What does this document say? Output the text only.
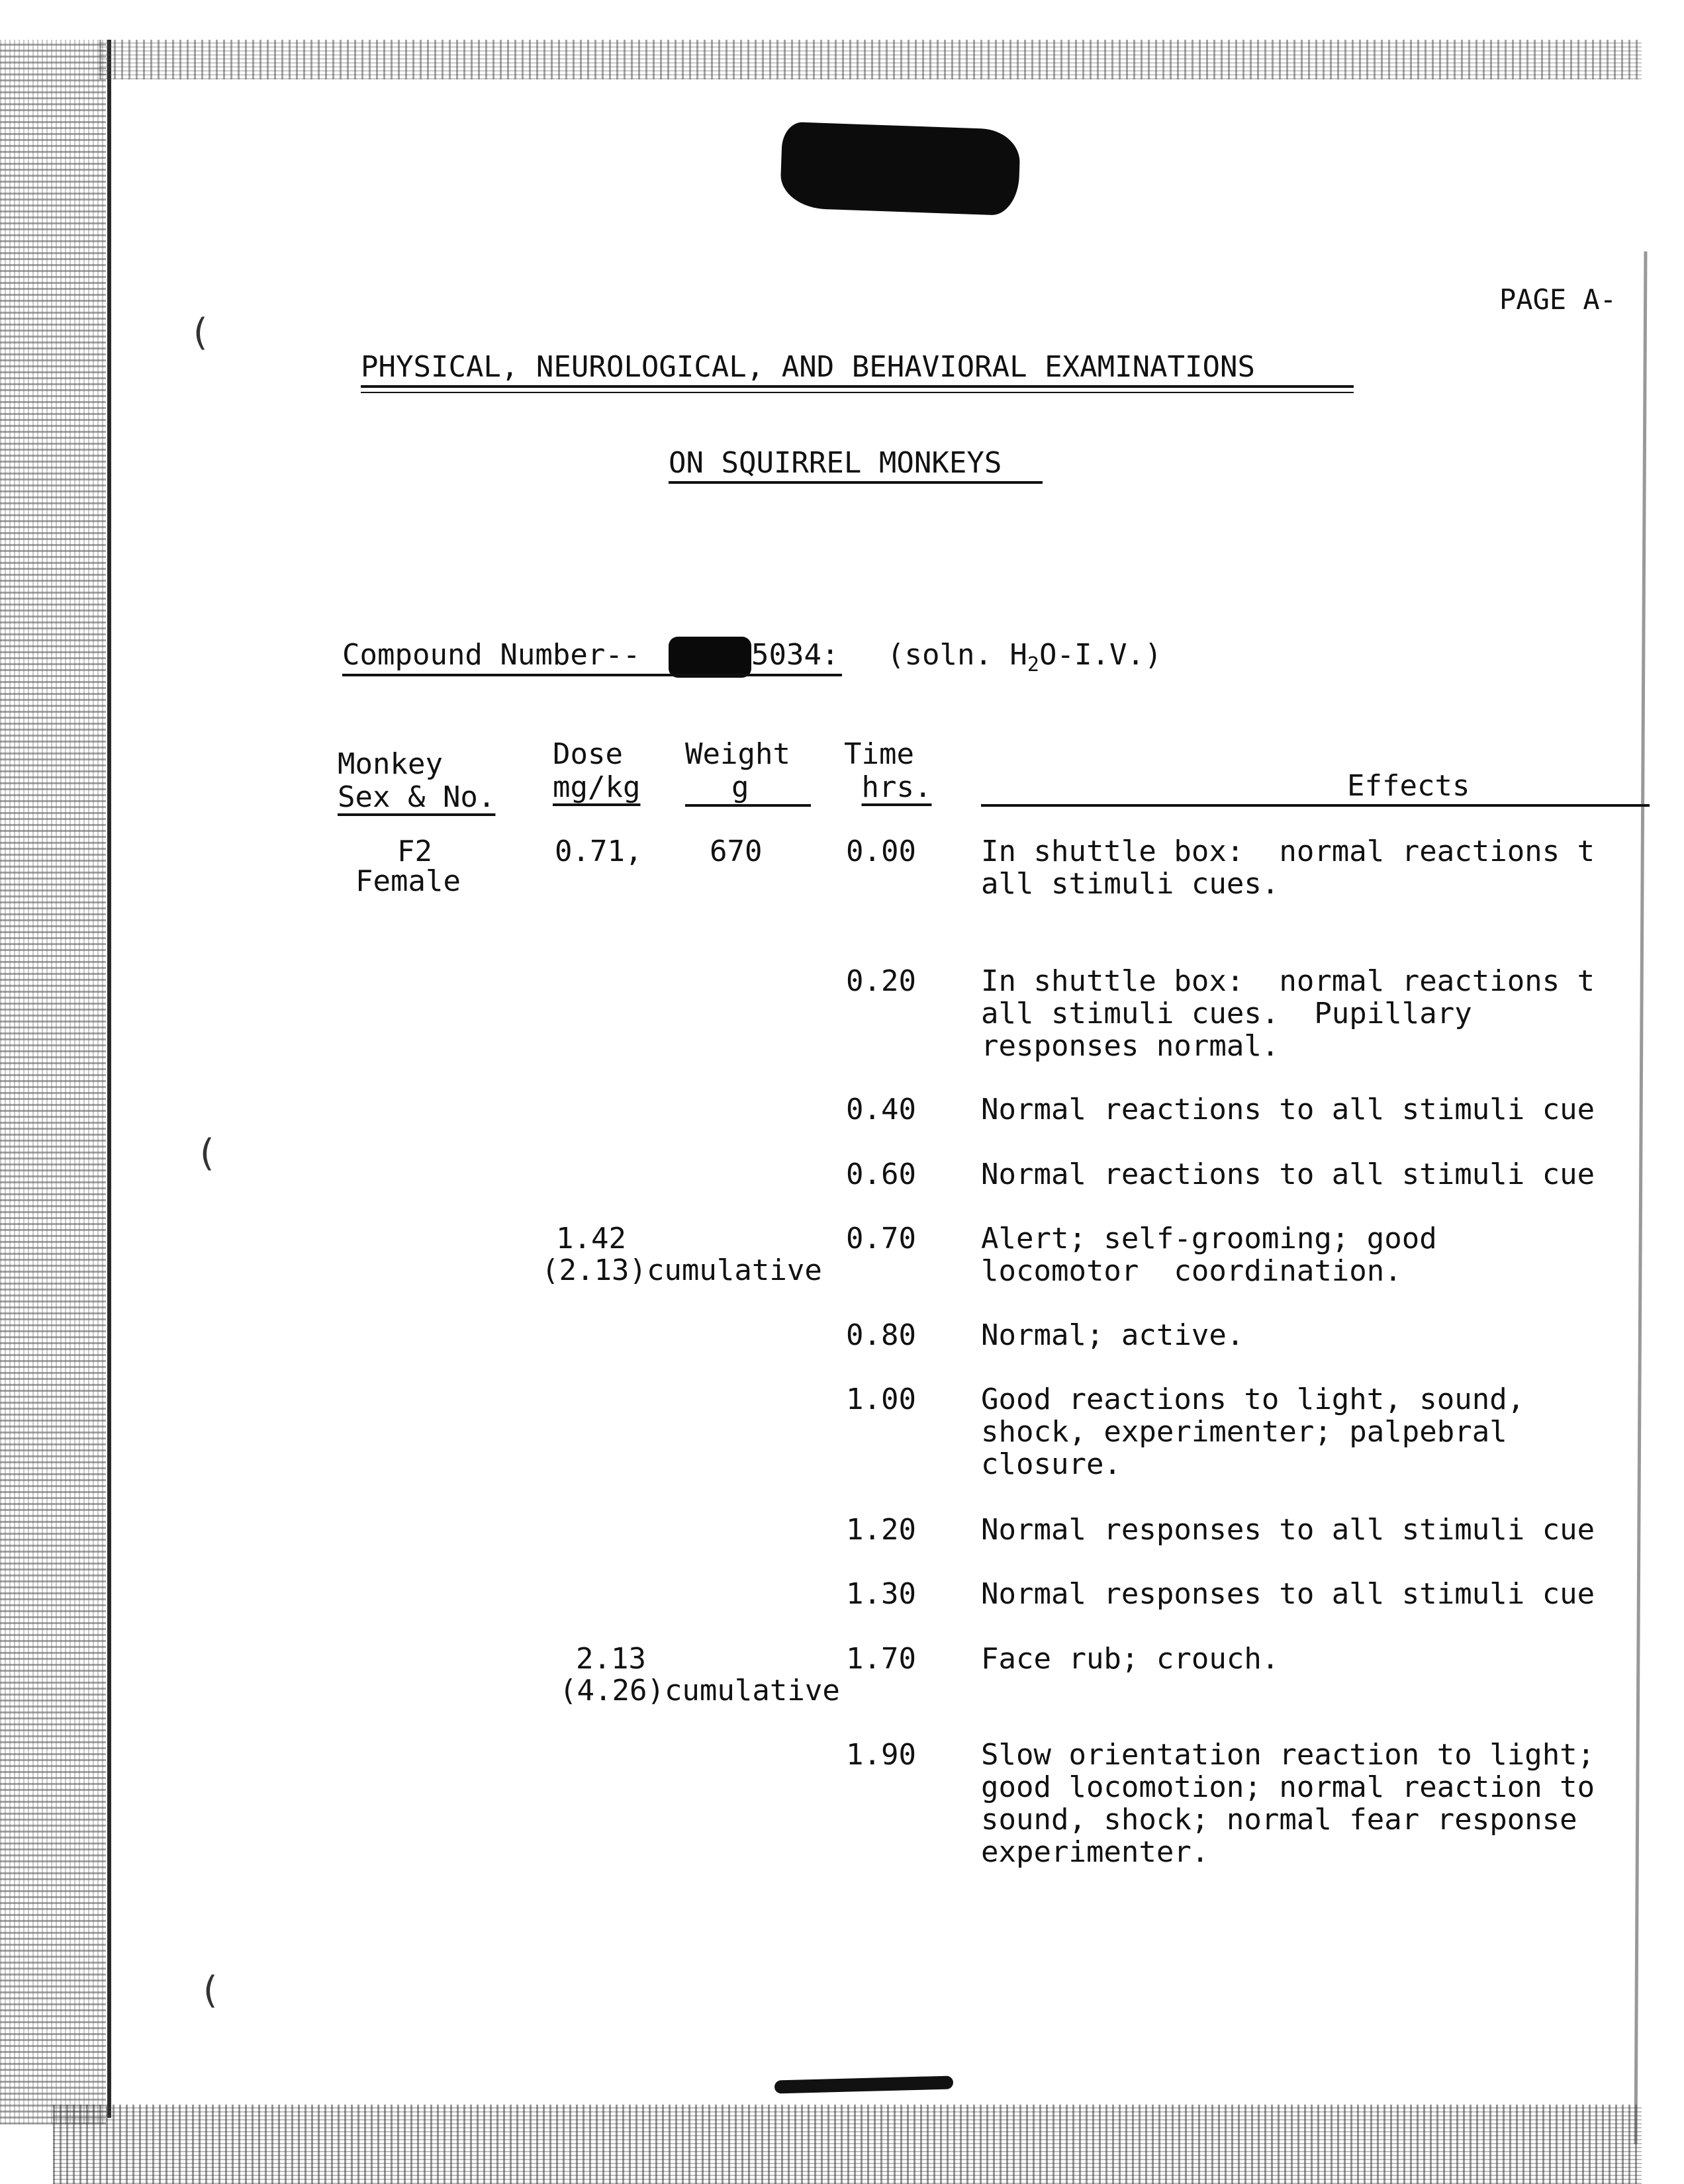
(
(
(
PAGE A-
PHYSICAL, NEUROLOGICAL, AND BEHAVIORAL EXAMINATIONS
ON SQUIRREL MONKEYS
Compound Number--	5034: (soln. $H_2O-I.V$.)
Monkey
Sex & No.
Dose
mg/kg
Weight
g
Time
hrs.	Effects
F2
Female
0.71, 670
1.42
(2.13)cumulative
2.13
(4.26)cumulative
0.00 In shuttle box:  normal reactions t
all stimuli cues.
0.20 In shuttle box:  normal reactions t
all stimuli cues.  Pupillary
responses normal.
0.40 Normal reactions to all stimuli cue
0.60 Normal reactions to all stimuli cue
0.70 Alert; self-grooming; good
locomotor  coordination.
0.80 Normal; active.
1.00 Good reactions to light, sound,
shock, experimenter; palpebral
closure.
1.20 Normal responses to all stimuli cue
1.30 Normal responses to all stimuli cue
1.70 Face rub; crouch.
1.90 Slow orientation reaction to light;
good locomotion; normal reaction to
sound, shock; normal fear response
experimenter.
